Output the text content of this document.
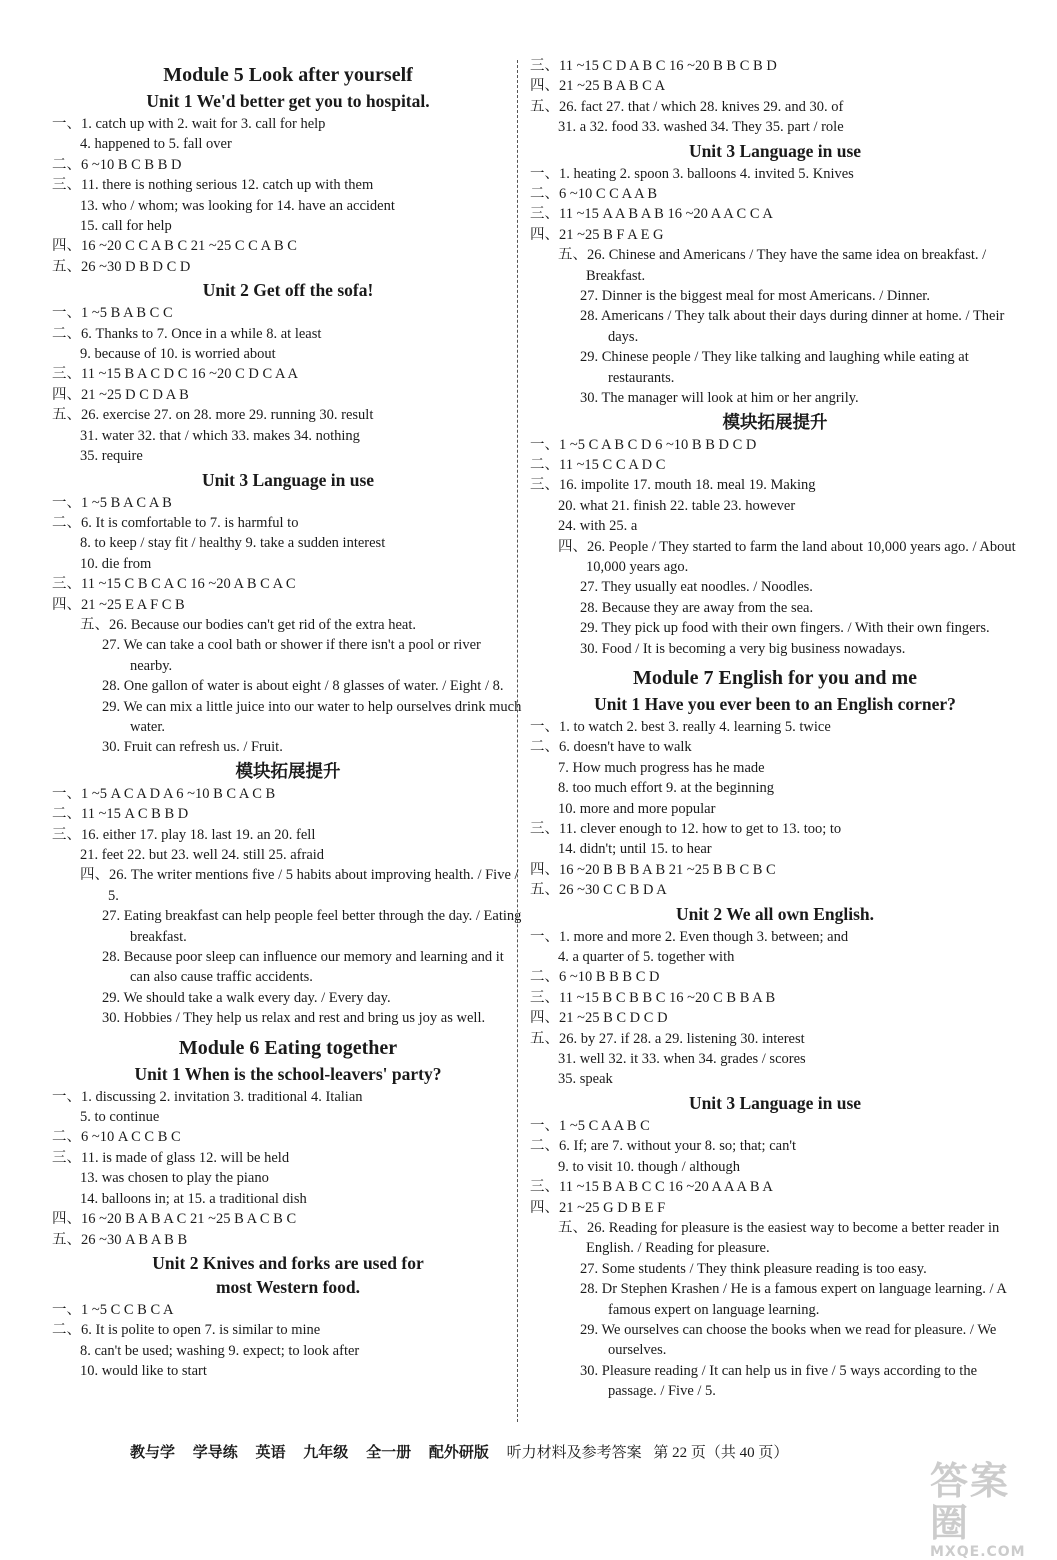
Module 5 Look after yourself
Unit 1 We'd better get you to hospital.
一、1. catch up with 2. wait for 3. call for help
4. happened to 5. fall over
二、6 ~10 B C B B D
三、11. there is nothing serious 12. catch up with them
13. who / whom; was looking for 14. have an accident
15. call for help
四、16 ~20 C C A B C 21 ~25 C C A B C
五、26 ~30 D B D C D
Unit 2 Get off the sofa!
一、1 ~5 B A B C C
二、6. Thanks to 7. Once in a while 8. at least
9. because of 10. is worried about
三、11 ~15 B A C D C 16 ~20 C D C A A
四、21 ~25 D C D A B
五、26. exercise 27. on 28. more 29. running 30. result
31. water 32. that / which 33. makes 34. nothing
35. require
Unit 3 Language in use
一、1 ~5 B A C A B
二、6. It is comfortable to 7. is harmful to
8. to keep / stay fit / healthy 9. take a sudden interest
10. die from
三、11 ~15 C B C A C 16 ~20 A B C A C
四、21 ~25 E A F C B
五、26. Because our bodies can't get rid of the extra heat.
27. We can take a cool bath or shower if there isn't a pool or river nearby.
28. One gallon of water is about eight / 8 glasses of water. / Eight / 8.
29. We can mix a little juice into our water to help ourselves drink much water.
30. Fruit can refresh us. / Fruit.
模块拓展提升
一、1 ~5 A C A D A 6 ~10 B C A C B
二、11 ~15 A C B B D
三、16. either 17. play 18. last 19. an 20. fell
21. feet 22. but 23. well 24. still 25. afraid
四、26. The writer mentions five / 5 habits about improving health. / Five / 5.
27. Eating breakfast can help people feel better through the day. / Eating breakfast.
28. Because poor sleep can influence our memory and learning and it can also cause traffic accidents.
29. We should take a walk every day. / Every day.
30. Hobbies / They help us relax and rest and bring us joy as well.
Module 6 Eating together
Unit 1 When is the school-leavers' party?
一、1. discussing 2. invitation 3. traditional 4. Italian
5. to continue
二、6 ~10 A C C B C
三、11. is made of glass 12. will be held
13. was chosen to play the piano
14. balloons in; at 15. a traditional dish
四、16 ~20 B A B A C 21 ~25 B A C B C
五、26 ~30 A B A B B
Unit 2 Knives and forks are used for
most Western food.
一、1 ~5 C C B C A
二、6. It is polite to open 7. is similar to mine
8. can't be used; washing 9. expect; to look after
10. would like to start
三、11 ~15 C D A B C 16 ~20 B B C B D
四、21 ~25 B A B C A
五、26. fact 27. that / which 28. knives 29. and 30. of
31. a 32. food 33. washed 34. They 35. part / role
Unit 3 Language in use
一、1. heating 2. spoon 3. balloons 4. invited 5. Knives
二、6 ~10 C C A A B
三、11 ~15 A A B A B 16 ~20 A A C C A
四、21 ~25 B F A E G
五、26. Chinese and Americans / They have the same idea on breakfast. / Breakfast.
27. Dinner is the biggest meal for most Americans. / Dinner.
28. Americans / They talk about their days during dinner at home. / Their days.
29. Chinese people / They like talking and laughing while eating at restaurants.
30. The manager will look at him or her angrily.
模块拓展提升
一、1 ~5 C A B C D 6 ~10 B B D C D
二、11 ~15 C C A D C
三、16. impolite 17. mouth 18. meal 19. Making
20. what 21. finish 22. table 23. however
24. with 25. a
四、26. People / They started to farm the land about 10,000 years ago. / About 10,000 years ago.
27. They usually eat noodles. / Noodles.
28. Because they are away from the sea.
29. They pick up food with their own fingers. / With their own fingers.
30. Food / It is becoming a very big business nowadays.
Module 7 English for you and me
Unit 1 Have you ever been to an English corner?
一、1. to watch 2. best 3. really 4. learning 5. twice
二、6. doesn't have to walk
7. How much progress has he made
8. too much effort 9. at the beginning
10. more and more popular
三、11. clever enough to 12. how to get to 13. too; to
14. didn't; until 15. to hear
四、16 ~20 B B B A B 21 ~25 B B C B C
五、26 ~30 C C B D A
Unit 2 We all own English.
一、1. more and more 2. Even though 3. between; and
4. a quarter of 5. together with
二、6 ~10 B B B C D
三、11 ~15 B C B B C 16 ~20 C B B A B
四、21 ~25 B C D C D
五、26. by 27. if 28. a 29. listening 30. interest
31. well 32. it 33. when 34. grades / scores
35. speak
Unit 3 Language in use
一、1 ~5 C A A B C
二、6. If; are 7. without your 8. so; that; can't
9. to visit 10. though / although
三、11 ~15 B A B C C 16 ~20 A A A B A
四、21 ~25 G D B E F
五、26. Reading for pleasure is the easiest way to become a better reader in English. / Reading for pleasure.
27. Some students / They think pleasure reading is too easy.
28. Dr Stephen Krashen / He is a famous expert on language learning. / A famous expert on language learning.
29. We ourselves can choose the books when we read for pleasure. / We ourselves.
30. Pleasure reading / It can help us in five / 5 ways according to the passage. / Five / 5.
教与学 学导练 英语 九年级 全一册 配外研版 听力材料及参考答案 第 22 页（共 40 页）
答案圈
MXQE.COM
